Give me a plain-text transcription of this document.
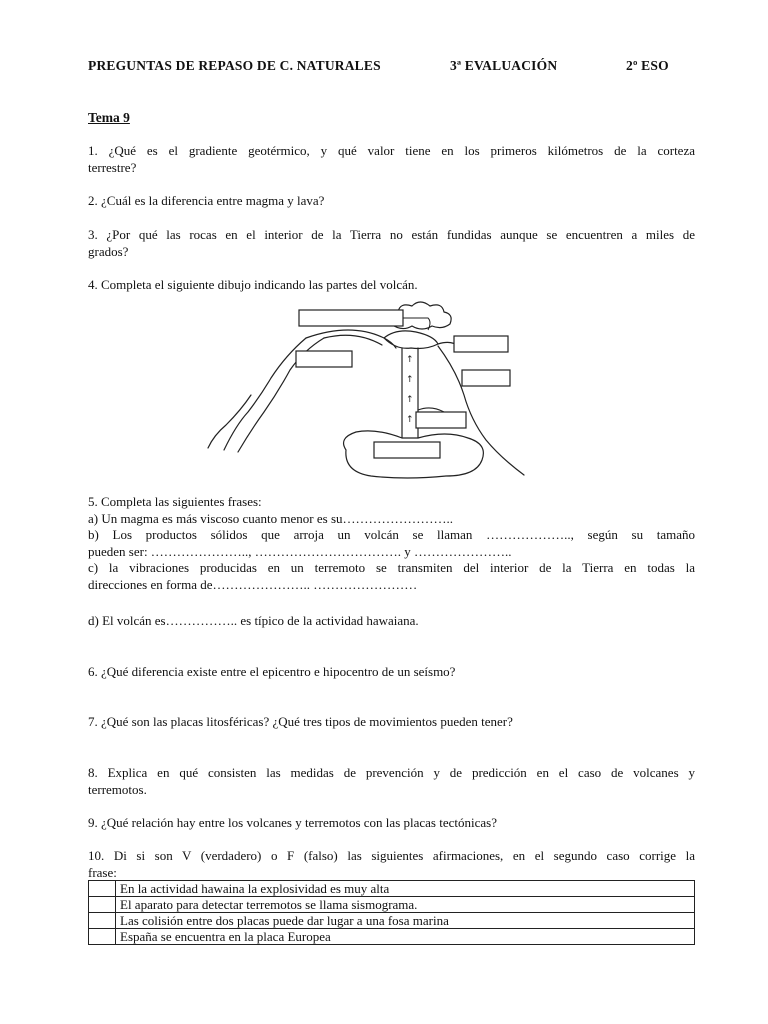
PREGUNTAS DE REPASO DE C. NATURALES	3ª EVALUACIÓN	2º ESO
Tema 9

1. ¿Qué es el gradiente geotérmico, y qué valor tiene en los primeros kilómetros de la corteza

terrestre?

2. ¿Cuál es la diferencia entre magma y lava?

3. ¿Por qué las rocas en el interior de la Tierra no están fundidas aunque se encuentren a miles de

grados?

4. Completa el siguiente dibujo indicando las partes del volcán.

↑
↑
↑
↑

5. Completa las siguientes frases:

a) Un magma es más viscoso cuanto menor es su……………………..

b) Los productos sólidos que arroja un volcán se llaman ……………….., según su tamaño

pueden ser: ………………….., ……………………………. y …………………..

c) la vibraciones producidas en un terremoto se transmiten del interior de la Tierra en todas la

direcciones en forma de………………….. ……………………

d) El volcán es…………….. es típico de la actividad hawaiana.

6. ¿Qué diferencia existe entre el epicentro e hipocentro de un seísmo?

7. ¿Qué son las placas litosféricas? ¿Qué tres tipos de movimientos pueden tener?

8. Explica en qué consisten las medidas de prevención y de predicción en el caso de volcanes y

terremotos.

9. ¿Qué relación hay entre los volcanes y terremotos con las placas tectónicas?

10. Di si son V (verdadero) o F (falso) las siguientes afirmaciones, en el segundo caso corrige la

frase:

	En la actividad hawaina la explosividad es muy alta
	El aparato para detectar terremotos se llama sismograma.
	Las colisión entre dos placas puede dar lugar a una fosa marina
	España se encuentra en la placa Europea
